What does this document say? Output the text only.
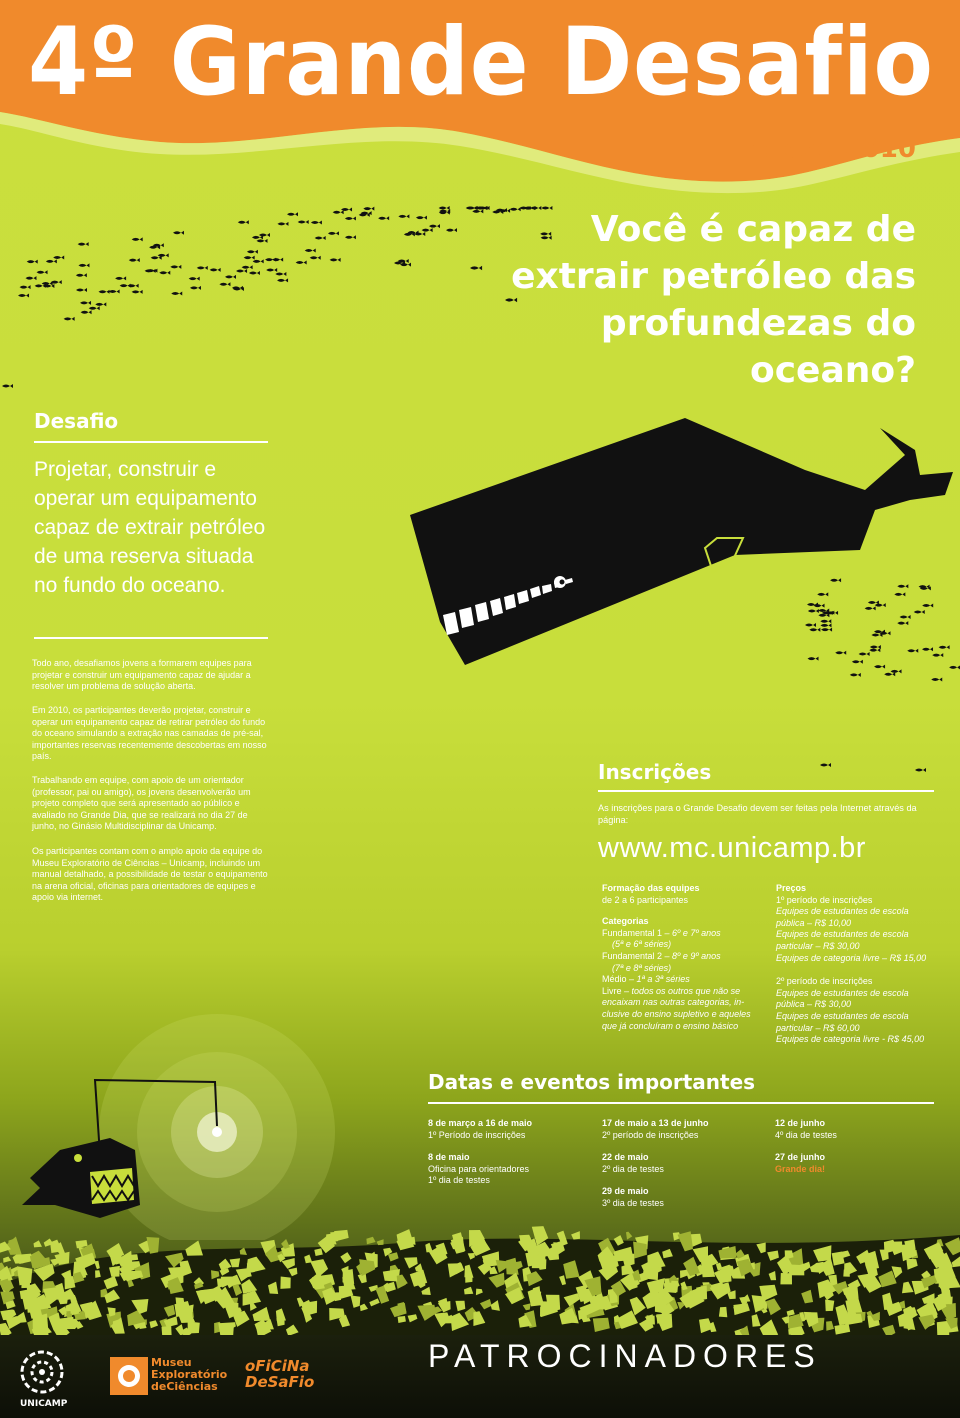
4º Grande Desafio
Edição 2010
Você é capaz de extrair petróleo das profundezas do oceano?
Desafio
Projetar, construir e operar um equipamento capaz de extrair petróleo de uma reserva situada no fundo do oceano.
Todo ano, desafiamos jovens a formarem equipes para projetar e construir um equipamento capaz de ajudar a resolver um problema de solução aberta.
Em 2010, os participantes deverão projetar, construir e operar um equipamento capaz de retirar petróleo do fundo do oceano simulando a extração nas camadas de pré-sal, importantes reservas recentemente descobertas em nosso país.
Trabalhando em equipe, com apoio de um orientador (professor, pai ou amigo), os jovens desenvolverão um projeto completo que será apresentado ao público e avaliado no Grande Dia, que se realizará no dia 27 de junho, no Ginásio Multidisciplinar da Unicamp.
Os participantes contam com o amplo apoio da equipe do Museu Exploratório de Ciências – Unicamp, incluindo um manual detalhado, a possibilidade de testar o equipamento na arena oficial, oficinas para orientadores de equipes e apoio via internet.
Inscrições
As inscrições para o Grande Desafio devem ser feitas pela Internet através da página:
www.mc.unicamp.br
Formação das equipes
de 2 a 6 participantes
Categorias
Fundamental 1 – 6º e 7º anos
(5ª e 6ª séries)
Fundamental 2 – 8º e 9º anos
(7ª e 8ª séries)
Médio – 1ª a 3ª séries
Livre – todos os outros que não se encaixam nas outras categorias, in-
clusive do ensino supletivo e aqueles
que já concluíram o ensino básico
Preços
1º período de inscrições
Equipes de estudantes de escola
pública – R$ 10,00
Equipes de estudantes de escola
particular – R$ 30,00
Equipes de categoria livre – R$ 15,00
2º período de inscrições
Equipes de estudantes de escola
pública – R$ 30,00
Equipes de estudantes de escola
particular – R$ 60,00
Equipes de categoria livre - R$ 45,00
Datas e eventos importantes
8 de março a 16 de maio
1º Período de inscrições
8 de maio
Oficina para orientadores
1º dia de testes
17 de maio a 13 de junho
2º período de inscrições
22 de maio
2º dia de testes
29 de maio
3º dia de testes
12 de junho
4º dia de testes
27 de junho
Grande dia!
UNICAMP
Museu
Exploratório
deCiências
oFiCiNa
DeSaFio
PATROCINADORES
